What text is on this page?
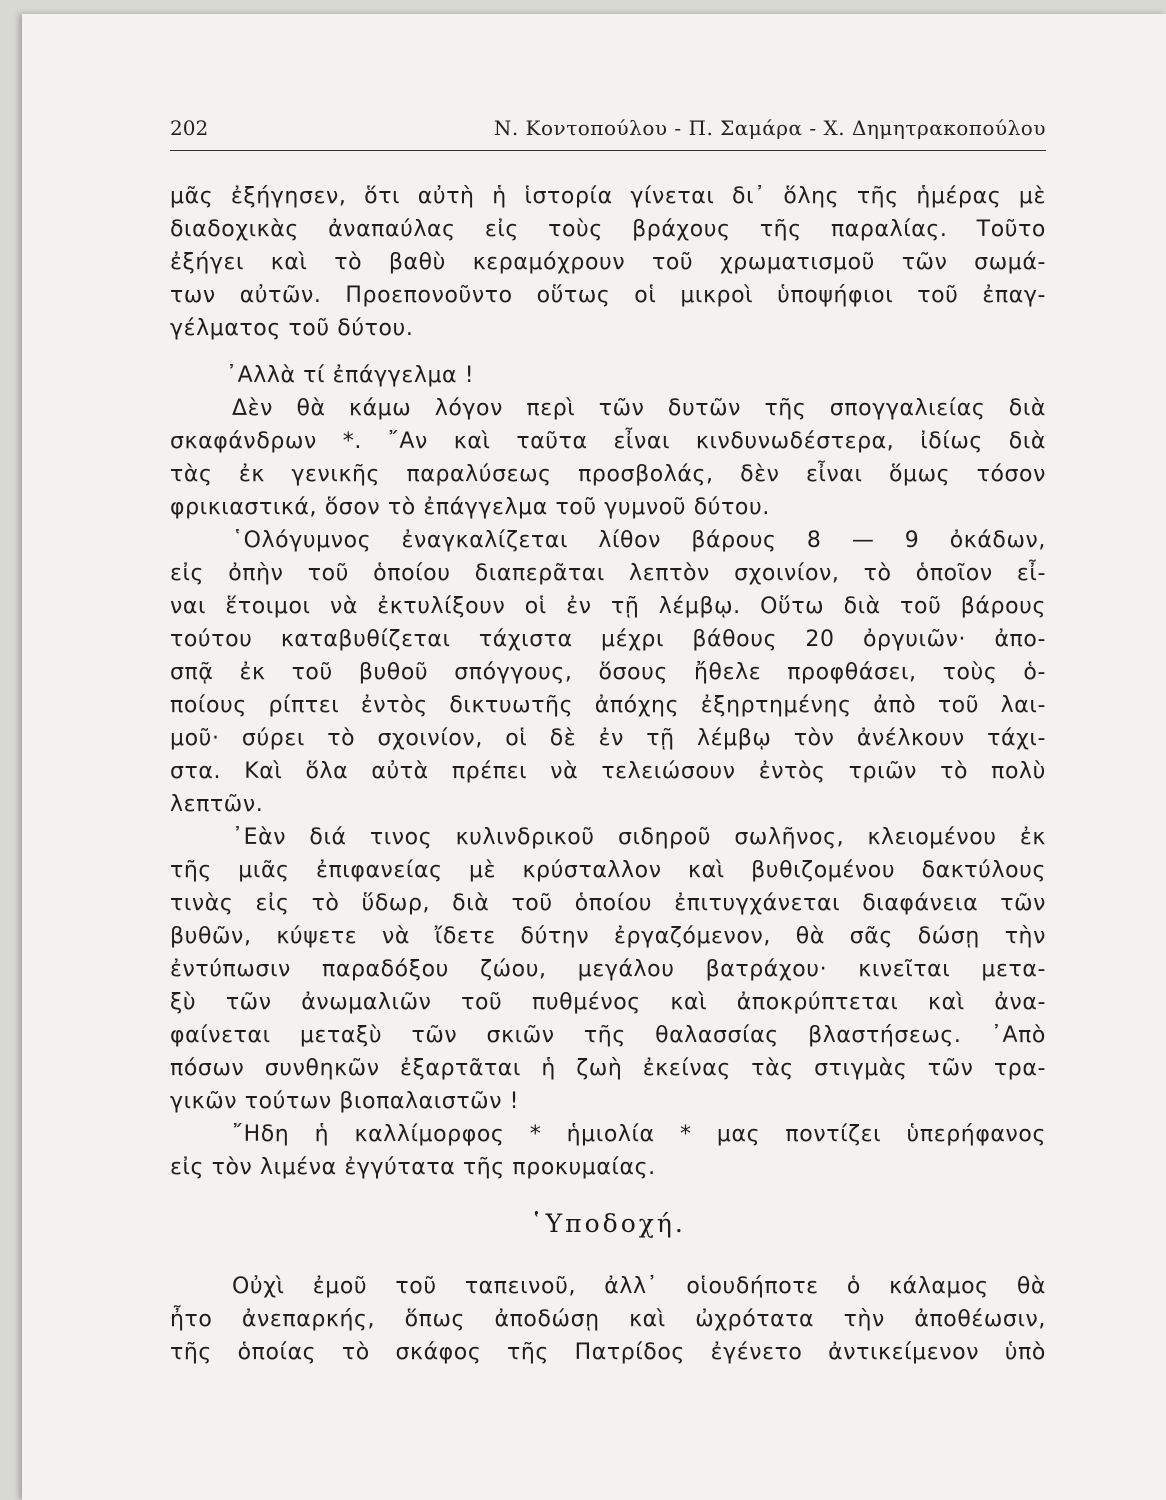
202	Ν. Κοντοπούλου - Π. Σαμάρα - Χ. Δημητρακοπούλου
μᾶς ἐξήγησεν, ὅτι αὐτὴ ἡ ἱστορία γίνεται δι᾽ ὅλης τῆς ἡμέρας μὲ
διαδοχικὰς ἀναπαύλας εἰς τοὺς βράχους τῆς παραλίας. Τοῦτο
ἐξήγει καὶ τὸ βαθὺ κεραμόχρουν τοῦ χρωματισμοῦ τῶν σωμά-
των αὐτῶν. Προεπονοῦντο οὕτως οἱ μικροὶ ὑποψήφιοι τοῦ ἐπαγ-
γέλματος τοῦ δύτου.
᾽Αλλὰ τί ἐπάγγελμα !
Δὲν θὰ κάμω λόγον περὶ τῶν δυτῶν τῆς σπογγαλιείας διὰ
σκαφάνδρων *. ῎Αν καὶ ταῦτα εἶναι κινδυνωδέστερα, ἰδίως διὰ
τὰς ἐκ γενικῆς παραλύσεως προσβολάς, δὲν εἶναι ὅμως τόσον
φρικιαστικά, ὅσον τὸ ἐπάγγελμα τοῦ γυμνοῦ δύτου.
῾Ολόγυμνος ἐναγκαλίζεται λίθον βάρους 8 — 9 ὀκάδων,
εἰς ὀπὴν τοῦ ὁποίου διαπερᾶται λεπτὸν σχοινίον, τὸ ὁποῖον εἶ-
ναι ἕτοιμοι νὰ ἐκτυλίξουν οἱ ἐν τῇ λέμβῳ. Οὕτω διὰ τοῦ βάρους
τούτου καταβυθίζεται τάχιστα μέχρι βάθους 20 ὀργυιῶν· ἀπο-
σπᾷ ἐκ τοῦ βυθοῦ σπόγγους, ὅσους ἤθελε προφθάσει, τοὺς ὁ-
ποίους ρίπτει ἐντὸς δικτυωτῆς ἀπόχης ἐξηρτημένης ἀπὸ τοῦ λαι-
μοῦ· σύρει τὸ σχοινίον, οἱ δὲ ἐν τῇ λέμβῳ τὸν ἀνέλκουν τάχι-
στα. Καὶ ὅλα αὐτὰ πρέπει νὰ τελειώσουν ἐντὸς τριῶν τὸ πολὺ
λεπτῶν.
᾽Εὰν διά τινος κυλινδρικοῦ σιδηροῦ σωλῆνος, κλειομένου ἐκ
τῆς μιᾶς ἐπιφανείας μὲ κρύσταλλον καὶ βυθιζομένου δακτύλους
τινὰς εἰς τὸ ὕδωρ, διὰ τοῦ ὁποίου ἐπιτυγχάνεται διαφάνεια τῶν
βυθῶν, κύψετε νὰ ἴδετε δύτην ἐργαζόμενον, θὰ σᾶς δώσῃ τὴν
ἐντύπωσιν παραδόξου ζώου, μεγάλου βατράχου· κινεῖται μετα-
ξὺ τῶν ἀνωμαλιῶν τοῦ πυθμένος καὶ ἀποκρύπτεται καὶ ἀνα-
φαίνεται μεταξὺ τῶν σκιῶν τῆς θαλασσίας βλαστήσεως. ᾽Απὸ
πόσων συνθηκῶν ἐξαρτᾶται ἡ ζωὴ ἐκείνας τὰς στιγμὰς τῶν τρα-
γικῶν τούτων βιοπαλαιστῶν !
῎Ηδη ἡ καλλίμορφος * ἡμιολία * μας ποντίζει ὑπερήφανος
εἰς τὸν λιμένα ἐγγύτατα τῆς προκυμαίας.
῾Υποδοχή.
Οὐχὶ ἐμοῦ τοῦ ταπεινοῦ, ἀλλ᾽ οἱουδήποτε ὁ κάλαμος θὰ
ἦτο ἀνεπαρκής, ὅπως ἀποδώσῃ καὶ ὠχρότατα τὴν ἀποθέωσιν,
τῆς ὁποίας τὸ σκάφος τῆς Πατρίδος ἐγένετο ἀντικείμενον ὑπὸ
